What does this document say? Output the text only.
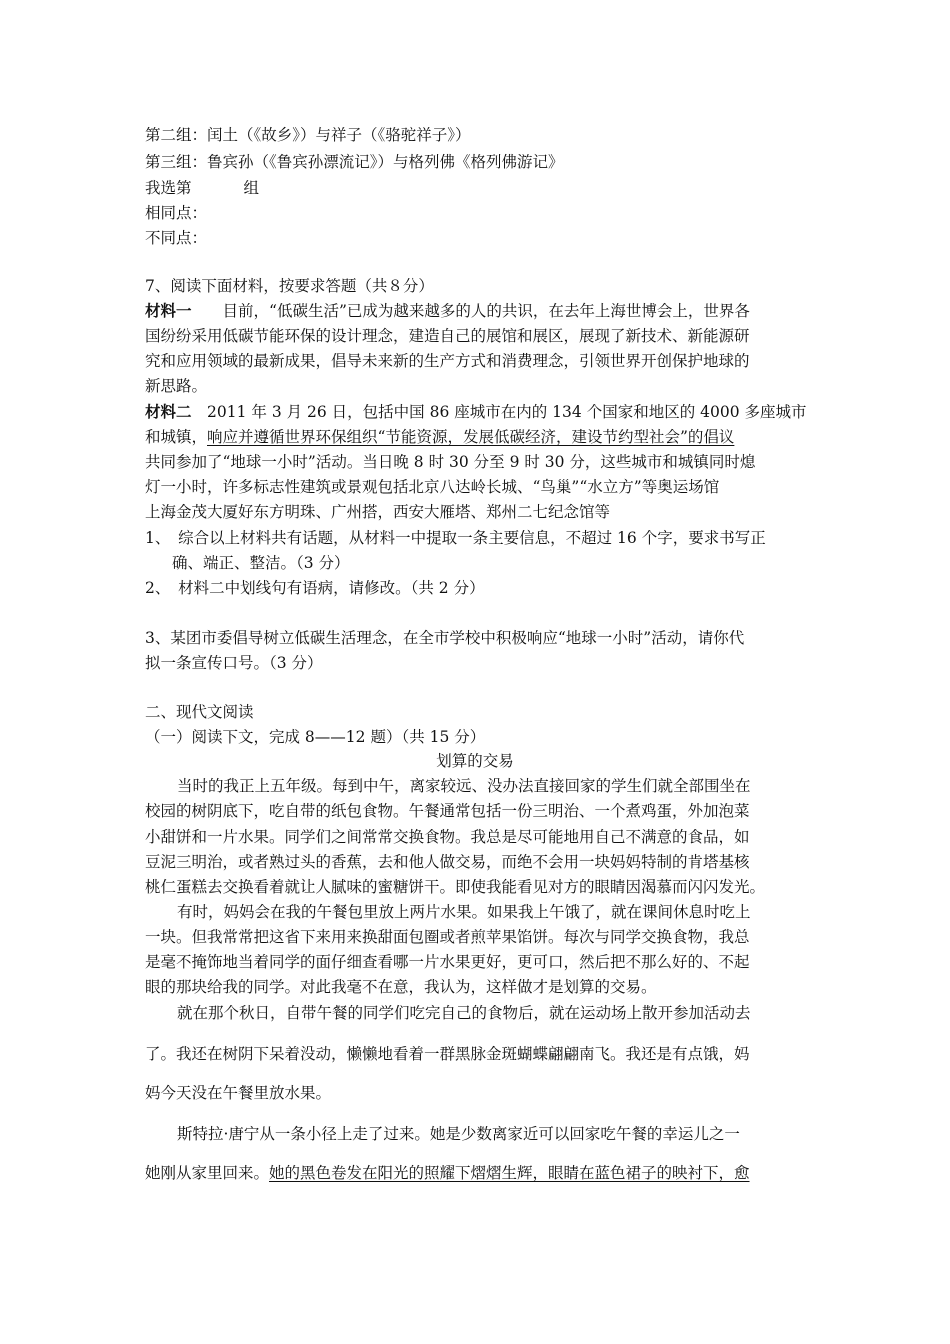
第二组：闰土（《故乡》）与祥子（《骆驼祥子》）
第三组：鲁宾孙（《鲁宾孙漂流记》）与格列佛《格列佛游记》
我选第	组
相同点：
不同点：
7、阅读下面材料，按要求答题（共８分）
材料一　　目前，“低碳生活”已成为越来越多的人的共识，在去年上海世博会上，世界各
国纷纷采用低碳节能环保的设计理念，建造自己的展馆和展区，展现了新技术、新能源研
究和应用领域的最新成果，倡导未来新的生产方式和消费理念，引领世界开创保护地球的
新思路。
材料二　2011 年 3 月 26 日，包括中国 86 座城市在内的 134 个国家和地区的 4000 多座城市
和城镇，响应并遵循世界环保组织“节能资源，发展低碳经济，建设节约型社会”的倡议
共同参加了“地球一小时”活动。当日晚 8 时 30 分至 9 时 30 分，这些城市和城镇同时熄
灯一小时，许多标志性建筑或景观包括北京八达岭长城、“鸟巢”“水立方”等奥运场馆
上海金茂大厦好东方明珠、广州搭，西安大雁塔、郑州二七纪念馆等
1、　综合以上材料共有话题，从材料一中提取一条主要信息，不超过 16 个字，要求书写正
确、端正、整洁。（3 分）
2、　材料二中划线句有语病，请修改。（共 2 分）
3、某团市委倡导树立低碳生活理念，在全市学校中积极响应“地球一小时”活动，请你代
拟一条宣传口号。（3 分）
二、现代文阅读
（一）阅读下文，完成 8——12 题）（共 15 分）
划算的交易
当时的我正上五年级。每到中午，离家较远、没办法直接回家的学生们就全部围坐在
校园的树阴底下，吃自带的纸包食物。午餐通常包括一份三明治、一个煮鸡蛋，外加泡菜
小甜饼和一片水果。同学们之间常常交换食物。我总是尽可能地用自己不满意的食品，如
豆泥三明治，或者熟过头的香蕉，去和他人做交易，而绝不会用一块妈妈特制的肯塔基核
桃仁蛋糕去交换看着就让人腻味的蜜糖饼干。即使我能看见对方的眼睛因渴慕而闪闪发光。
有时，妈妈会在我的午餐包里放上两片水果。如果我上午饿了，就在课间休息时吃上
一块。但我常常把这省下来用来换甜面包圈或者煎苹果馅饼。每次与同学交换食物，我总
是毫不掩饰地当着同学的面仔细查看哪一片水果更好，更可口，然后把不那么好的、不起
眼的那块给我的同学。对此我毫不在意，我认为，这样做才是划算的交易。
就在那个秋日，自带午餐的同学们吃完自己的食物后，就在运动场上散开参加活动去
了。我还在树阴下呆着没动，懒懒地看着一群黑脉金斑蝴蝶翩翩南飞。我还是有点饿，妈
妈今天没在午餐里放水果。
斯特拉·唐宁从一条小径上走了过来。她是少数离家近可以回家吃午餐的幸运儿之一
她刚从家里回来。她的黑色卷发在阳光的照耀下熠熠生辉，眼睛在蓝色裙子的映衬下，愈
